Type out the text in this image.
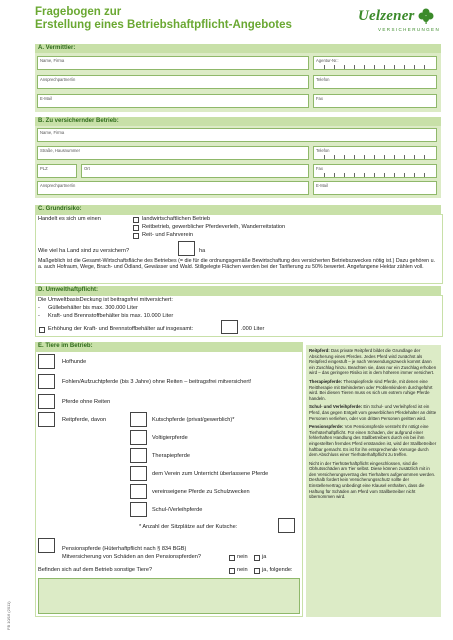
Fragebogen zur
Erstellung eines Betriebshaftpflicht-Angebotes
Uelzener
VERSICHERUNGEN
A. Vermittler:
Name, Firma	Agentur-Nr.:
Ansprechpartner/in	Telefon
E-Mail	Fax
B. Zu versichernder Betrieb:
Name, Firma
Straße, Hausnummer	Telefon
PLZ	Ort	Fax
Ansprechpartner/in	E-Mail
C. Grundrisiko:
Handelt es sich um einen	landwirtschaftlichen Betrieb
Reitbetrieb, gewerblicher Pferdeverleih, Wanderreitstation
Reit- und Fahrverein
Wie viel ha Land sind zu versichern?	ha
Maßgeblich ist die Gesamt-Wirtschaftsfläche des Betriebes (= die für die ordnungsgemäße Bewirtschaftung des versicherten Betriebszweckes nötig ist.) Dazu gehören u. a. auch Hofraum, Wege, Brach- und Ödland, Gewässer und Wald. Stillgelegte Flächen werden bei der Tarifierung zu 50% bewertet. Angefangene Hektar zählen voll.
D. Umwelthaftpflicht:
Die UmweltbasisDeckung ist beitragsfrei mitversichert:
- Güllebehälter bis max. 300.000 Liter
- Kraft- und Brennstoffbehälter bis max. 10.000 Liter
Erhöhung der Kraft- und Brennstoffbehälter auf insgesamt:	.000 Liter
E. Tiere im Betrieb:
Hofhunde
Fohlen/Aufzuchtpferde (bis 3 Jahre) ohne Reiten – beitragsfrei mitversichert!
Pferde ohne Reiten
Reitpferde, davon	Kutschpferde (privat/gewerblich)*
Voltigierpferde
Therapiepferde
dem Verein zum Unterricht überlassene Pferde
vereinseigene Pferde zu Schulzwecken
Schul-/Verleihpferde
* Anzahl der Sitzplätze auf der Kutsche:
Pensionspferde (Hüterhaftpflicht nach § 834 BGB)
Mitversicherung von Schäden an den Pensionspferden?	nein	ja
Befinden sich auf dem Betrieb sonstige Tiere?	nein	ja, folgende:
Reitpferd: Das private Reitpferd bildet die Grundlage der Absicherung eines Pferdes. Jedes Pferd wird zunächst als Reitpferd eingestuft – je nach Verwendungszweck kommt dann ein Zuschlag hinzu. Beachten sie, dass nur ein Zuschlag erhoben wird – das geringere Risiko ist in dem höheren immer versichert.
Therapiepferde: Therapiepferde sind Pferde, mit denen eine Reittherapie mit Behinderten oder Problemkindern durchgeführt wird. Bei diesen Tieren muss es sich um extrem ruhige Pferde handeln.
Schul- und Verleihpferde: Ein Schul- und Verleihpferd ist ein Pferd, das gegen Entgelt vom gewerblichen Pferdehalter an dritte Personen verliehen, oder von dritten Personen geritten wird.
Pensionspferde: Von Pensionspferde versteht Ihr nötigt eine Tierhüterhaftpflicht. Für einen Schaden, der aufgrund einer fehlerhaften Handlung des Stallbetreibers durch ein bei ihm eingestellten fremdes Pferd entstanden ist, wird der Stallbetreiber haftbar gemacht. Es ist für ihn entsprechende Vorsorge durch dem Abschluss einer Tierhüterhaftpflicht zu treffen.
Nicht in der Tierhüterhaftpflicht eingeschlossen, sind die Obhutsschäden am Tier selbst. Diese können zusätzlich mit in den Versicherungsvertrag des Tierhalters aufgenommen werden. Deshalb fordert kein Versicherungsschutz sollte der Einstellervertrag unbedingt eine Klausel enthalten, dass die Haftung für Schäden am Pferd vom Stallbetreiber nicht übernommen wird.
FB 10/16 (2011)
